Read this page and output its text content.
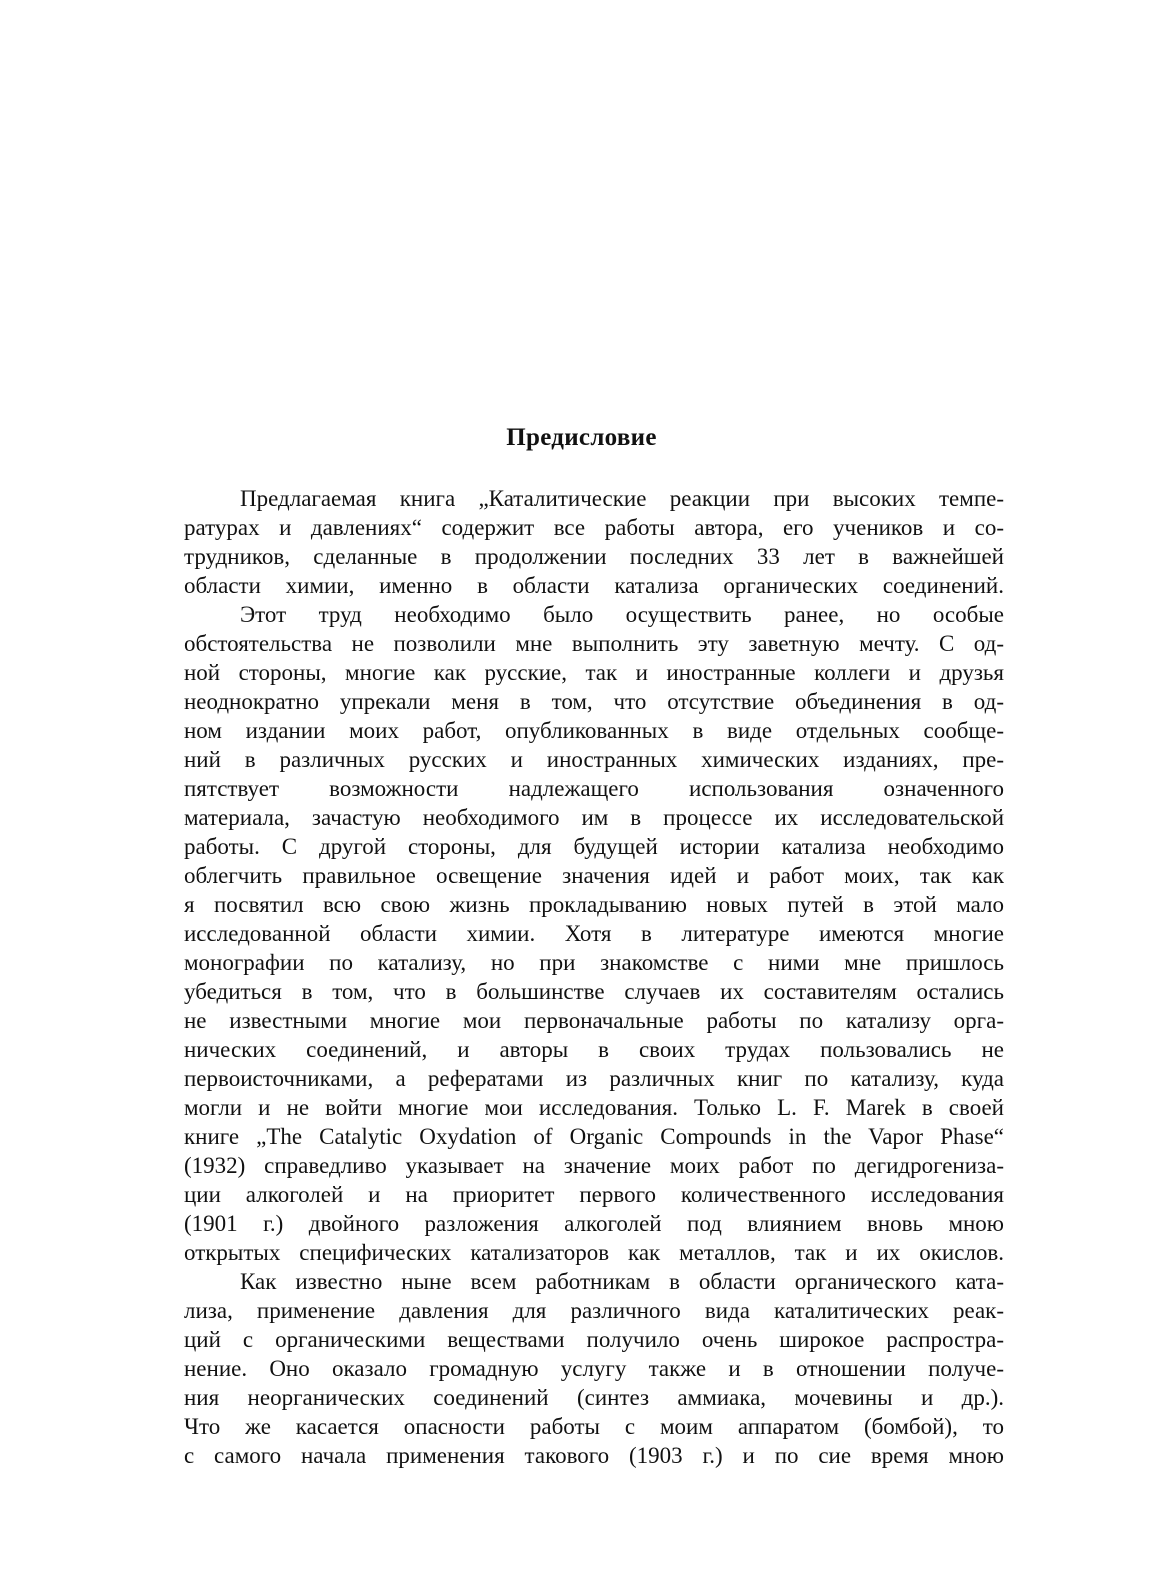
Предисловие
Предлагаемая книга „Каталитические реакции при высоких темпе-
ратурах и давлениях“ содержит все работы автора, его учеников и со-
трудников, сделанные в продолжении последних 33 лет в важнейшей
области химии, именно в области катализа органических соединений.
Этот труд необходимо было осуществить ранее, но особые
обстоятельства не позволили мне выполнить эту заветную мечту. С од-
ной стороны, многие как русские, так и иностранные коллеги и друзья
неоднократно упрекали меня в том, что отсутствие объединения в од-
ном издании моих работ, опубликованных в виде отдельных сообще-
ний в различных русских и иностранных химических изданиях, пре-
пятствует возможности надлежащего использования означенного
материала, зачастую необходимого им в процессе их исследовательской
работы. С другой стороны, для будущей истории катализа необходимо
облегчить правильное освещение значения идей и работ моих, так как
я посвятил всю свою жизнь прокладыванию новых путей в этой мало
исследованной области химии. Хотя в литературе имеются многие
монографии по катализу, но при знакомстве с ними мне пришлось
убедиться в том, что в большинстве случаев их составителям остались
не известными многие мои первоначальные работы по катализу орга-
нических соединений, и авторы в своих трудах пользовались не
первоисточниками, а рефератами из различных книг по катализу, куда
могли и не войти многие мои исследования. Только L. F. Marek в своей
книге „The Catalytic Oxydation of Organic Compounds in the Vapor Phase“
(1932) справедливо указывает на значение моих работ по дегидрогениза-
ции алкоголей и на приоритет первого количественного исследования
(1901 г.) двойного разложения алкоголей под влиянием вновь мною
открытых специфических катализаторов как металлов, так и их окислов.
Как известно ныне всем работникам в области органического ката-
лиза, применение давления для различного вида каталитических реак-
ций с органическими веществами получило очень широкое распростра-
нение. Оно оказало громадную услугу также и в отношении получе-
ния неорганических соединений (синтез аммиака, мочевины и др.).
Что же касается опасности работы с моим аппаратом (бомбой), то
с самого начала применения такового (1903 г.) и по сие время мною
